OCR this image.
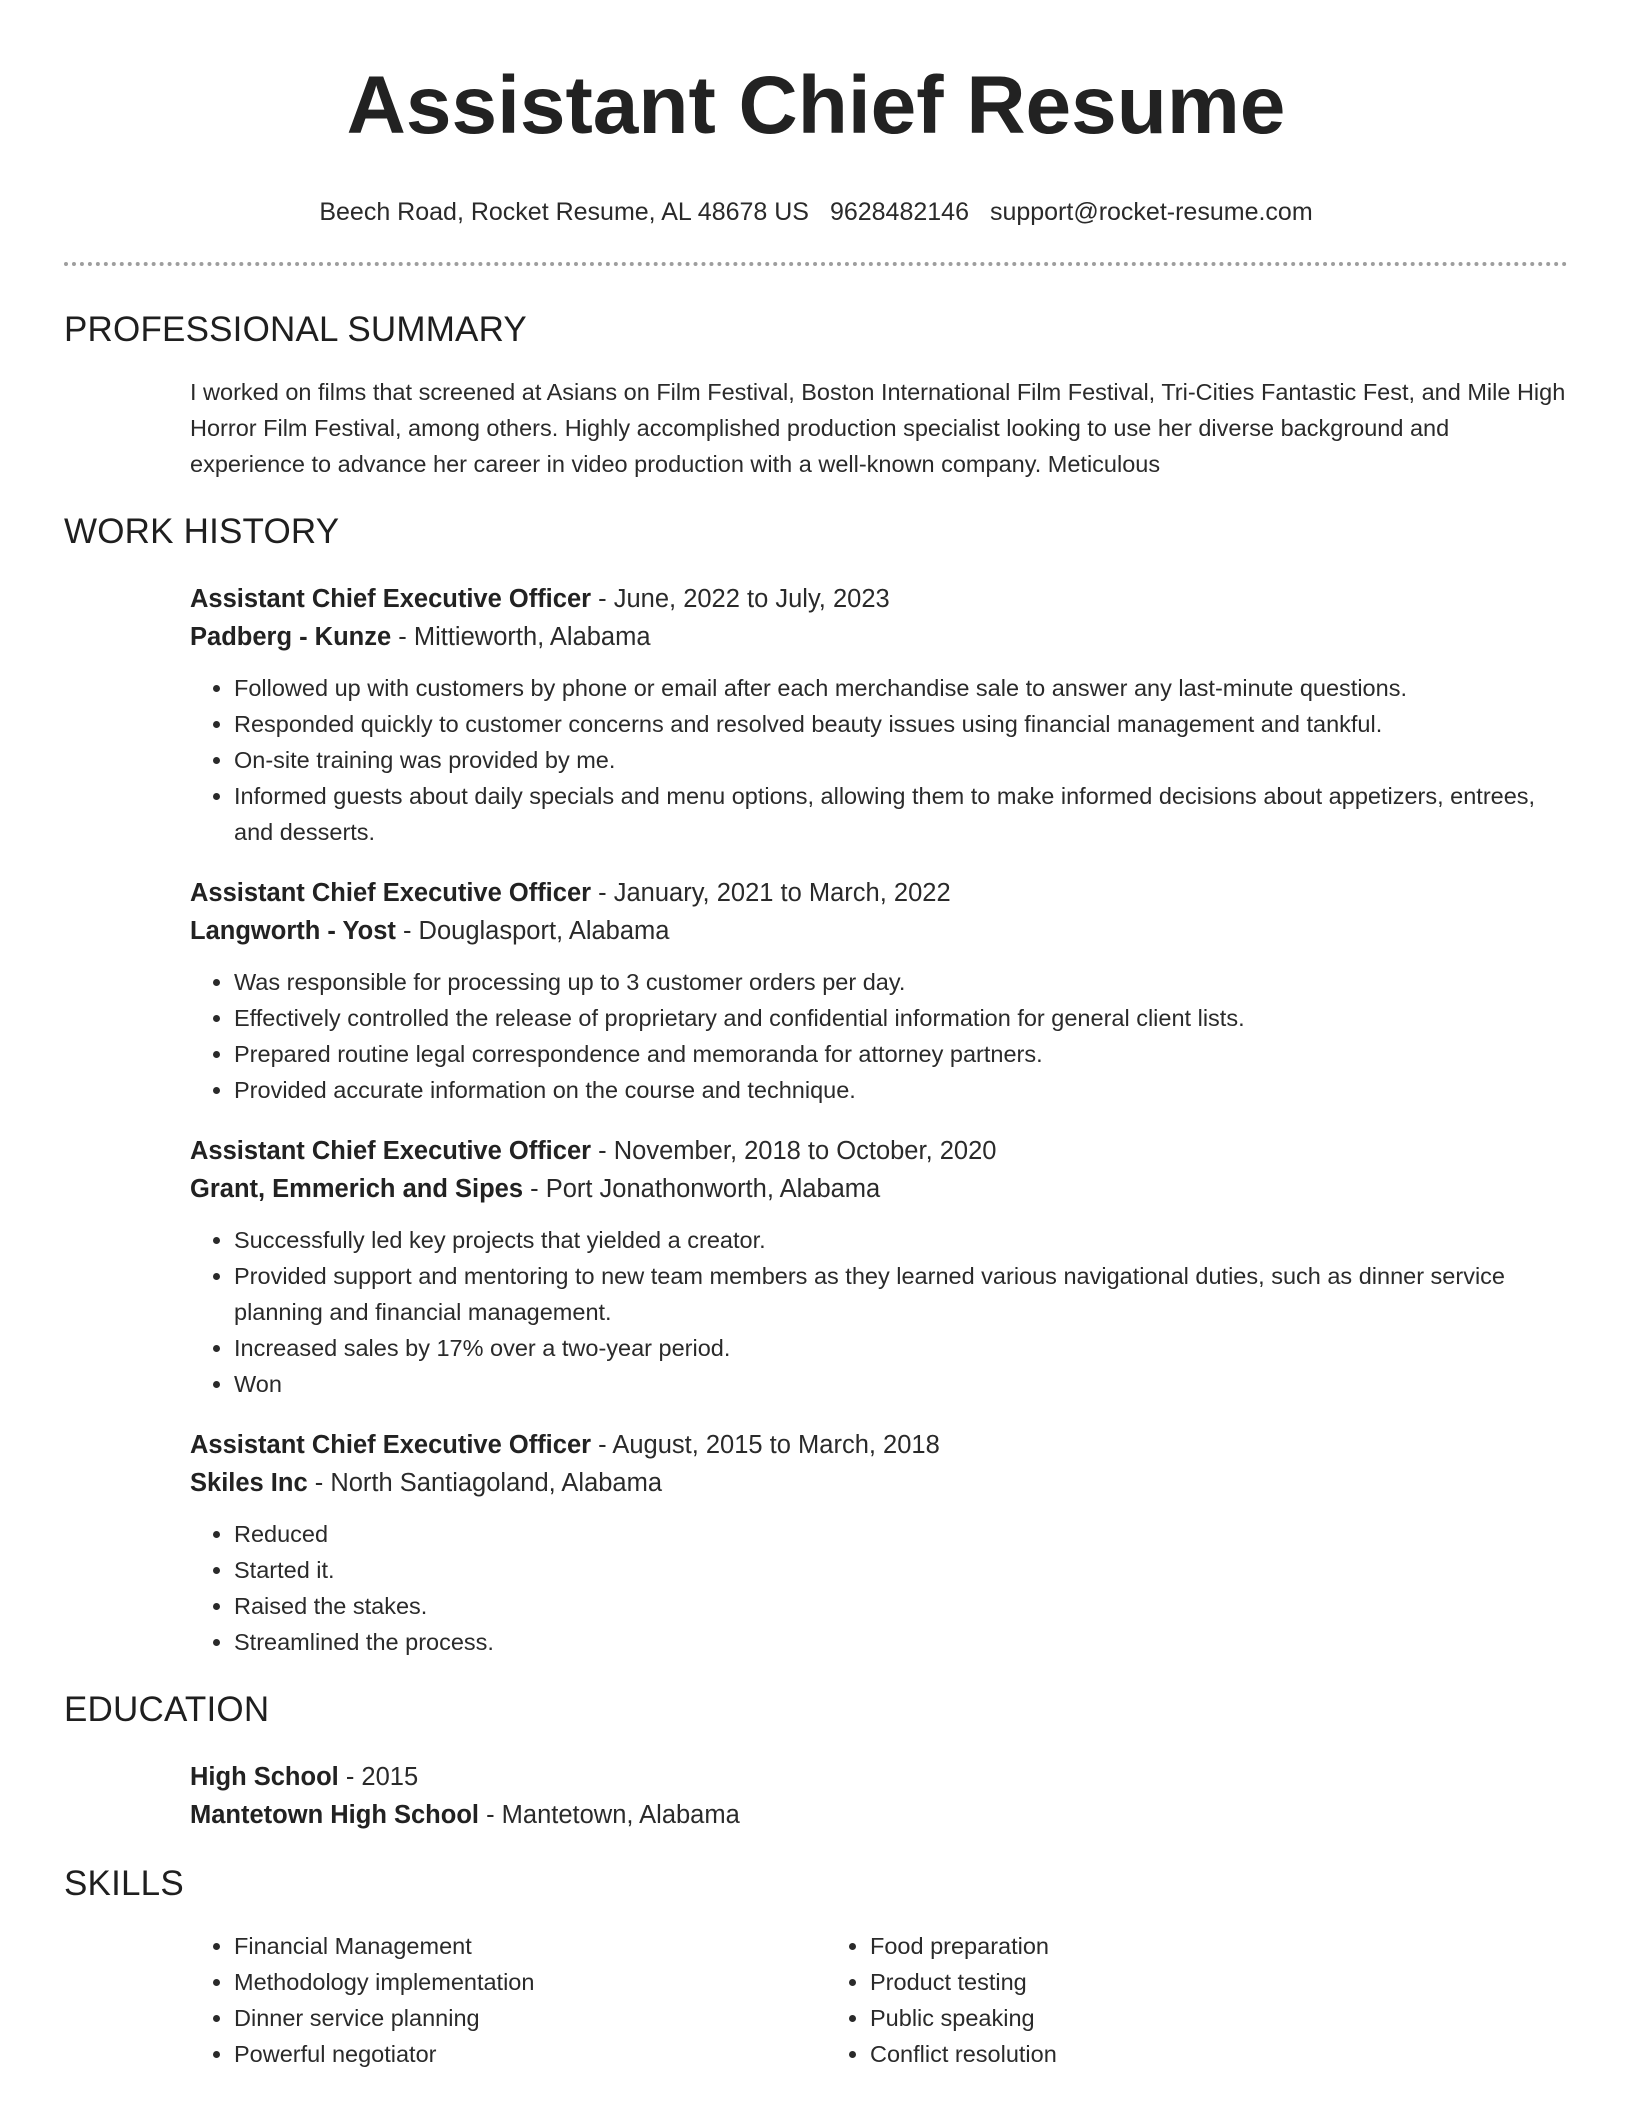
Assistant Chief Resume
Beech Road, Rocket Resume, AL 48678 US 9628482146 support@rocket-resume.com
PROFESSIONAL SUMMARY

I worked on films that screened at Asians on Film Festival, Boston International Film Festival, Tri-Cities Fantastic Fest, and Mile High Horror Film Festival, among others. Highly accomplished production specialist looking to use her diverse background and experience to advance her career in video production with a well-known company. Meticulous

WORK HISTORY
Assistant Chief Executive Officer - June, 2022 to July, 2023
Padberg - Kunze - Mittieworth, Alabama
• Followed up with customers by phone or email after each merchandise sale to answer any last-minute questions.
• Responded quickly to customer concerns and resolved beauty issues using financial management and tankful.
• On-site training was provided by me.
• Informed guests about daily specials and menu options, allowing them to make informed decisions about appetizers, entrees, and desserts.
Assistant Chief Executive Officer - January, 2021 to March, 2022
Langworth - Yost - Douglasport, Alabama
• Was responsible for processing up to 3 customer orders per day.
• Effectively controlled the release of proprietary and confidential information for general client lists.
• Prepared routine legal correspondence and memoranda for attorney partners.
• Provided accurate information on the course and technique.
Assistant Chief Executive Officer - November, 2018 to October, 2020
Grant, Emmerich and Sipes - Port Jonathonworth, Alabama
• Successfully led key projects that yielded a creator.
• Provided support and mentoring to new team members as they learned various navigational duties, such as dinner service planning and financial management.
• Increased sales by 17% over a two-year period.
• Won
Assistant Chief Executive Officer - August, 2015 to March, 2018
Skiles Inc - North Santiagoland, Alabama
• Reduced
• Started it.
• Raised the stakes.
• Streamlined the process.
EDUCATION
High School - 2015
Mantetown High School - Mantetown, Alabama
SKILLS
• Financial Management
• Methodology implementation
• Dinner service planning
• Powerful negotiator
• Food preparation
• Product testing
• Public speaking
• Conflict resolution
